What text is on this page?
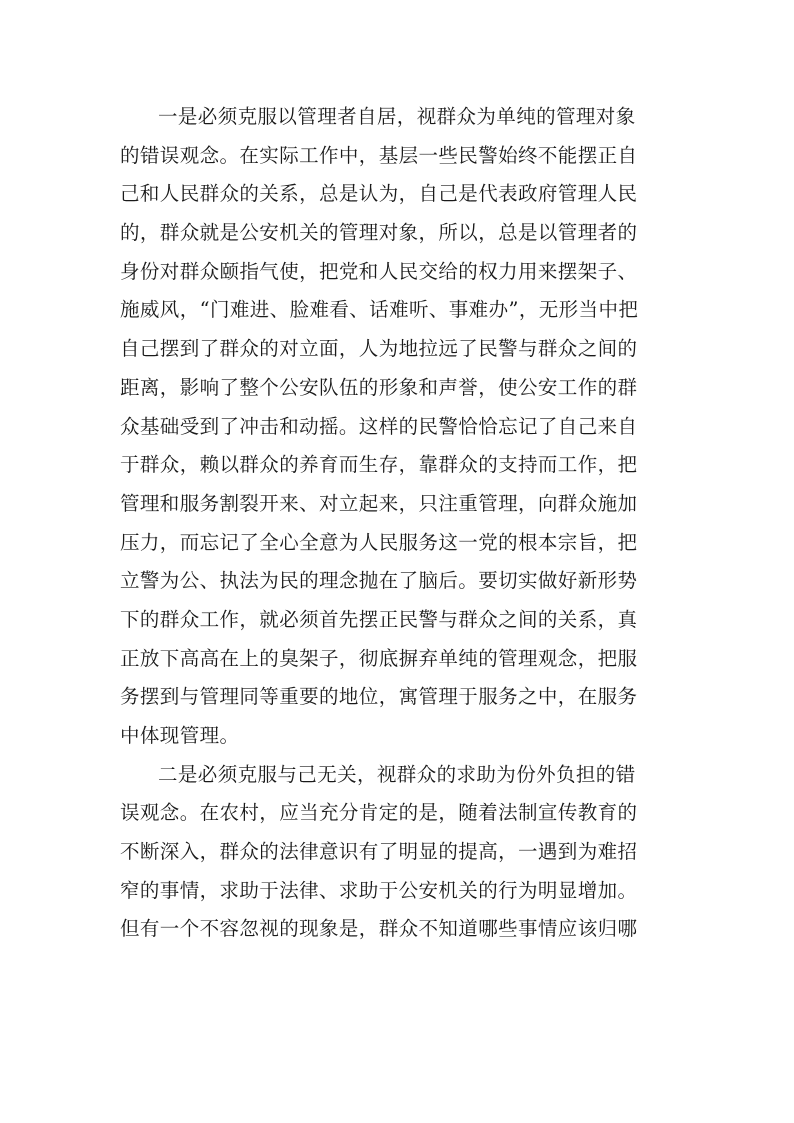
一是必须克服以管理者自居，视群众为单纯的管理对象
的错误观念。在实际工作中，基层一些民警始终不能摆正自
己和人民群众的关系，总是认为，自己是代表政府管理人民
的，群众就是公安机关的管理对象，所以，总是以管理者的
身份对群众颐指气使，把党和人民交给的权力用来摆架子、
施威风，“门难进、脸难看、话难听、事难办”，无形当中把
自己摆到了群众的对立面，人为地拉远了民警与群众之间的
距离，影响了整个公安队伍的形象和声誉，使公安工作的群
众基础受到了冲击和动摇。这样的民警恰恰忘记了自己来自
于群众，赖以群众的养育而生存，靠群众的支持而工作，把
管理和服务割裂开来、对立起来，只注重管理，向群众施加
压力，而忘记了全心全意为人民服务这一党的根本宗旨，把
立警为公、执法为民的理念抛在了脑后。要切实做好新形势
下的群众工作，就必须首先摆正民警与群众之间的关系，真
正放下高高在上的臭架子，彻底摒弃单纯的管理观念，把服
务摆到与管理同等重要的地位，寓管理于服务之中，在服务
中体现管理。
二是必须克服与己无关，视群众的求助为份外负担的错
误观念。在农村，应当充分肯定的是，随着法制宣传教育的
不断深入，群众的法律意识有了明显的提高，一遇到为难招
窄的事情，求助于法律、求助于公安机关的行为明显增加。
但有一个不容忽视的现象是，群众不知道哪些事情应该归哪
